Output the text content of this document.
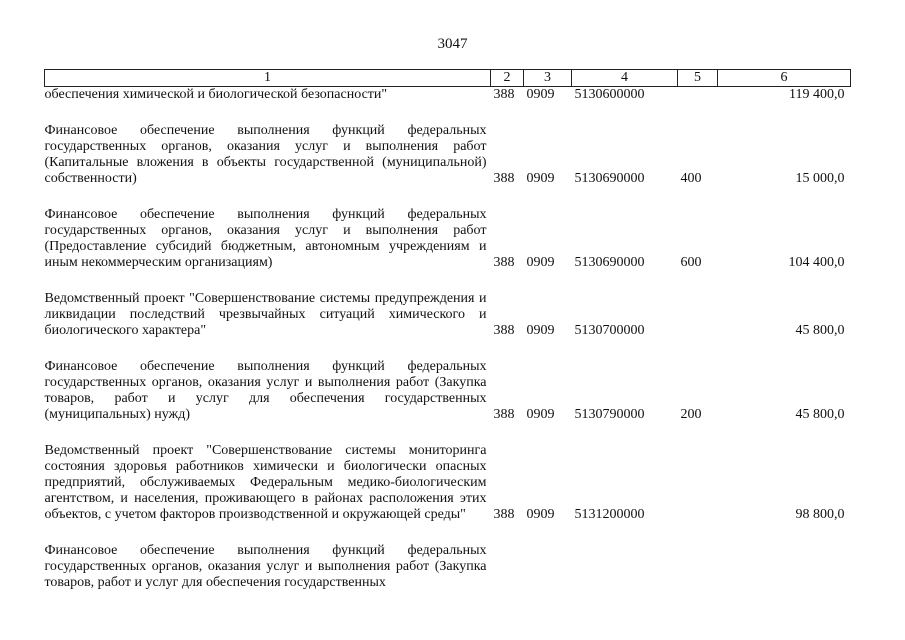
3047
1	2	3	4	5	6
обеспечения химической и биологической безопасности"	388	0909	5130600000		119 400,0

Финансовое обеспечение выполнения функций федеральных государственных органов, оказания услуг и выполнения работ (Капитальные вложения в объекты государственной (муниципальной) собственности)	388	0909	5130690000	400	15 000,0

Финансовое обеспечение выполнения функций федеральных государственных органов, оказания услуг и выполнения работ (Предоставление субсидий бюджетным, автономным учреждениям и иным некоммерческим организациям)	388	0909	5130690000	600	104 400,0

Ведомственный проект "Совершенствование системы предупреждения и ликвидации последствий чрезвычайных ситуаций химического и биологического характера"	388	0909	5130700000		45 800,0

Финансовое обеспечение выполнения функций федеральных государственных органов, оказания услуг и выполнения работ (Закупка товаров, работ и услуг для обеспечения государственных (муниципальных) нужд)	388	0909	5130790000	200	45 800,0

Ведомственный проект "Совершенствование системы мониторинга состояния здоровья работников химически и биологически опасных предприятий, обслуживаемых Федеральным медико-биологическим агентством, и населения, проживающего в районах расположения этих объектов, с учетом факторов производственной и окружающей среды"	388	0909	5131200000		98 800,0

Финансовое обеспечение выполнения функций федеральных государственных органов, оказания услуг и выполнения работ (Закупка товаров, работ и услуг для обеспечения государственных					
